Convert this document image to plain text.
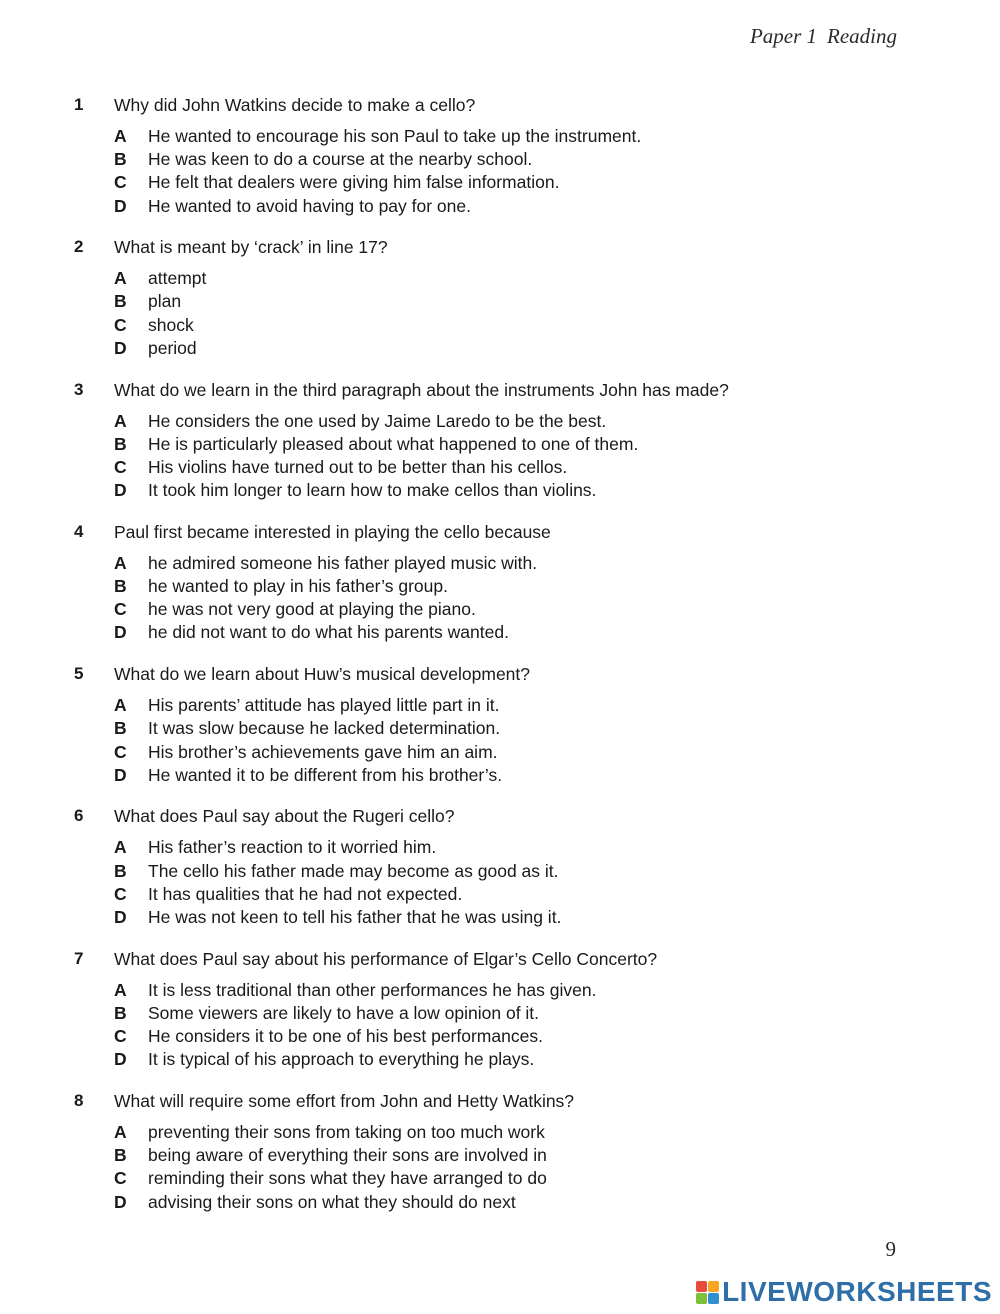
Paper 1 Reading
1 Why did John Watkins decide to make a cello?
A	He wanted to encourage his son Paul to take up the instrument.
B	He was keen to do a course at the nearby school.
C	He felt that dealers were giving him false information.
D	He wanted to avoid having to pay for one.
2 What is meant by ‘crack’ in line 17?
A	attempt
B	plan
C	shock
D	period
3 What do we learn in the third paragraph about the instruments John has made?
A	He considers the one used by Jaime Laredo to be the best.
B	He is particularly pleased about what happened to one of them.
C	His violins have turned out to be better than his cellos.
D	It took him longer to learn how to make cellos than violins.
4 Paul first became interested in playing the cello because
A	he admired someone his father played music with.
B	he wanted to play in his father’s group.
C	he was not very good at playing the piano.
D	he did not want to do what his parents wanted.
5 What do we learn about Huw’s musical development?
A	His parents’ attitude has played little part in it.
B	It was slow because he lacked determination.
C	His brother’s achievements gave him an aim.
D	He wanted it to be different from his brother’s.
6 What does Paul say about the Rugeri cello?
A	His father’s reaction to it worried him.
B	The cello his father made may become as good as it.
C	It has qualities that he had not expected.
D	He was not keen to tell his father that he was using it.
7 What does Paul say about his performance of Elgar’s Cello Concerto?
A	It is less traditional than other performances he has given.
B	Some viewers are likely to have a low opinion of it.
C	He considers it to be one of his best performances.
D	It is typical of his approach to everything he plays.
8 What will require some effort from John and Hetty Watkins?
A	preventing their sons from taking on too much work
B	being aware of everything their sons are involved in
C	reminding their sons what they have arranged to do
D	advising their sons on what they should do next
9
LIVEWORKSHEETS
